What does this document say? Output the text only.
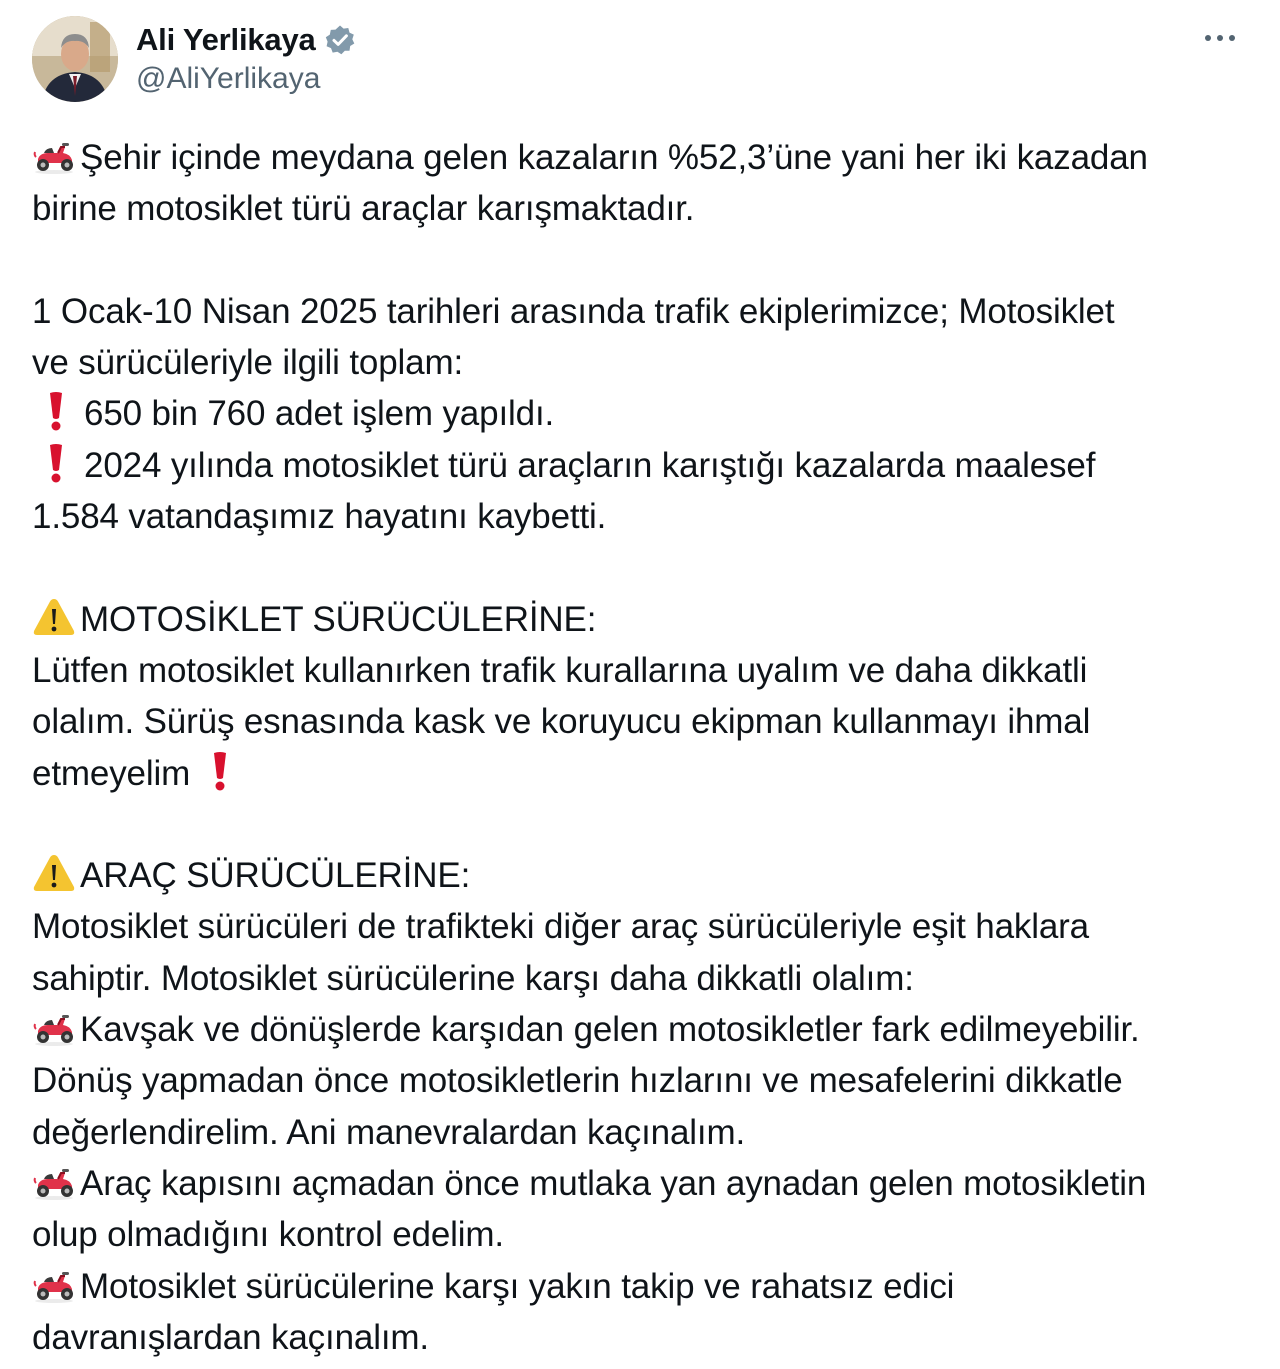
Ali Yerlikaya
@AliYerlikaya
Şehir içinde meydana gelen kazaların %52,3’üne yani her iki kazadan
birine motosiklet türü araçlar karışmaktadır.
1 Ocak-10 Nisan 2025 tarihleri arasında trafik ekiplerimizce; Motosiklet
ve sürücüleriyle ilgili toplam:
650 bin 760 adet işlem yapıldı.
2024 yılında motosiklet türü araçların karıştığı kazalarda maalesef
1.584 vatandaşımız hayatını kaybetti.
MOTOSİKLET SÜRÜCÜLERİNE:
Lütfen motosiklet kullanırken trafik kurallarına uyalım ve daha dikkatli
olalım. Sürüş esnasında kask ve koruyucu ekipman kullanmayı ihmal
etmeyelim
ARAÇ SÜRÜCÜLERİNE:
Motosiklet sürücüleri de trafikteki diğer araç sürücüleriyle eşit haklara
sahiptir. Motosiklet sürücülerine karşı daha dikkatli olalım:
Kavşak ve dönüşlerde karşıdan gelen motosikletler fark edilmeyebilir.
Dönüş yapmadan önce motosikletlerin hızlarını ve mesafelerini dikkatle
değerlendirelim. Ani manevralardan kaçınalım.
Araç kapısını açmadan önce mutlaka yan aynadan gelen motosikletin
olup olmadığını kontrol edelim.
Motosiklet sürücülerine karşı yakın takip ve rahatsız edici
davranışlardan kaçınalım.
